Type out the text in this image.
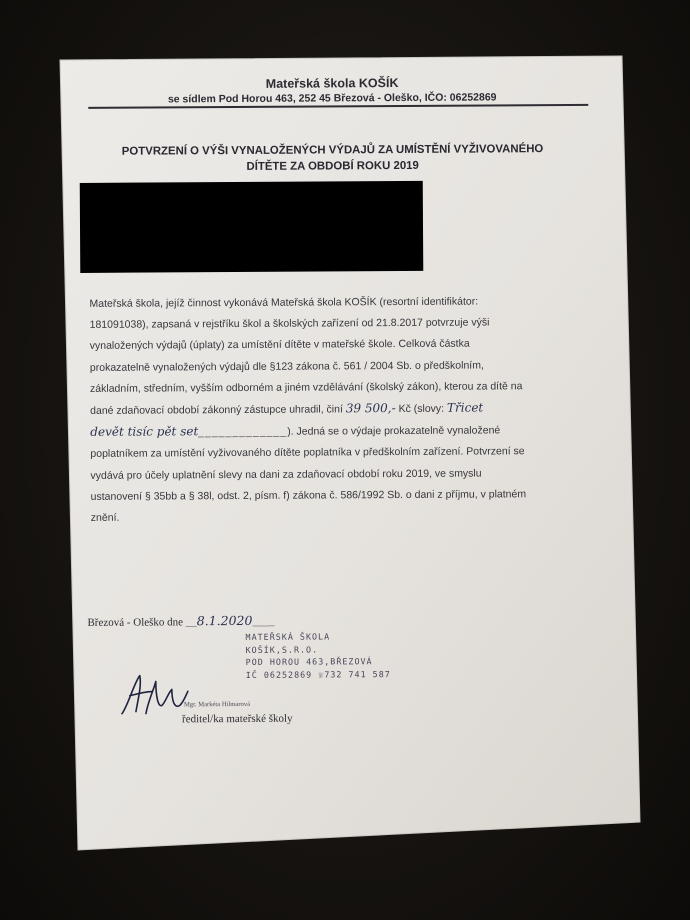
Mateřská škola KOŠÍK
se sídlem Pod Horou 463, 252 45 Březová - Oleško, IČO: 06252869
POTVRZENÍ O VÝŠI VYNALOŽENÝCH VÝDAJŮ ZA UMÍSTĚNÍ VYŽIVOVANÉHO
DÍTĚTE ZA OBDOBÍ ROKU 2019
Mateřská škola, jejíž činnost vykonává Mateřská škola KOŠÍK (resortní identifikátor:
181091038), zapsaná v rejstříku škol a školských zařízení od 21.8.2017 potvrzuje výši
vynaložených výdajů (úplaty) za umístění dítěte v mateřské škole. Celková částka
prokazatelně vynaložených výdajů dle §123 zákona č. 561 / 2004 Sb. o předškolním,
základním, středním, vyšším odborném a jiném vzdělávání (školský zákon), kterou za dítě na
dané zdaňovací období zákonný zástupce uhradil, činí 39 500,- Kč (slovy: Třicet
devět tisíc pět set_____________). Jedná se o výdaje prokazatelně vynaložené
poplatníkem za umístění vyživovaného dítěte poplatníka v předškolním zařízení. Potvrzení se
vydává pro účely uplatnění slevy na dani za zdaňovací období roku 2019, ve smyslu
ustanovení § 35bb a § 38l, odst. 2, písm. f) zákona č. 586/1992 Sb. o dani z příjmu, v platném
znění.
Březová - Oleško dne __8.1.2020____
MATEŘSKÁ ŠKOLA
KOŠÍK,S.R.O.
POD HOROU 463,BŘEZOVÁ
IČ 06252869 ☏732 741 587
Mgr. Markéta Hilmarová
ředitel/ka mateřské školy
